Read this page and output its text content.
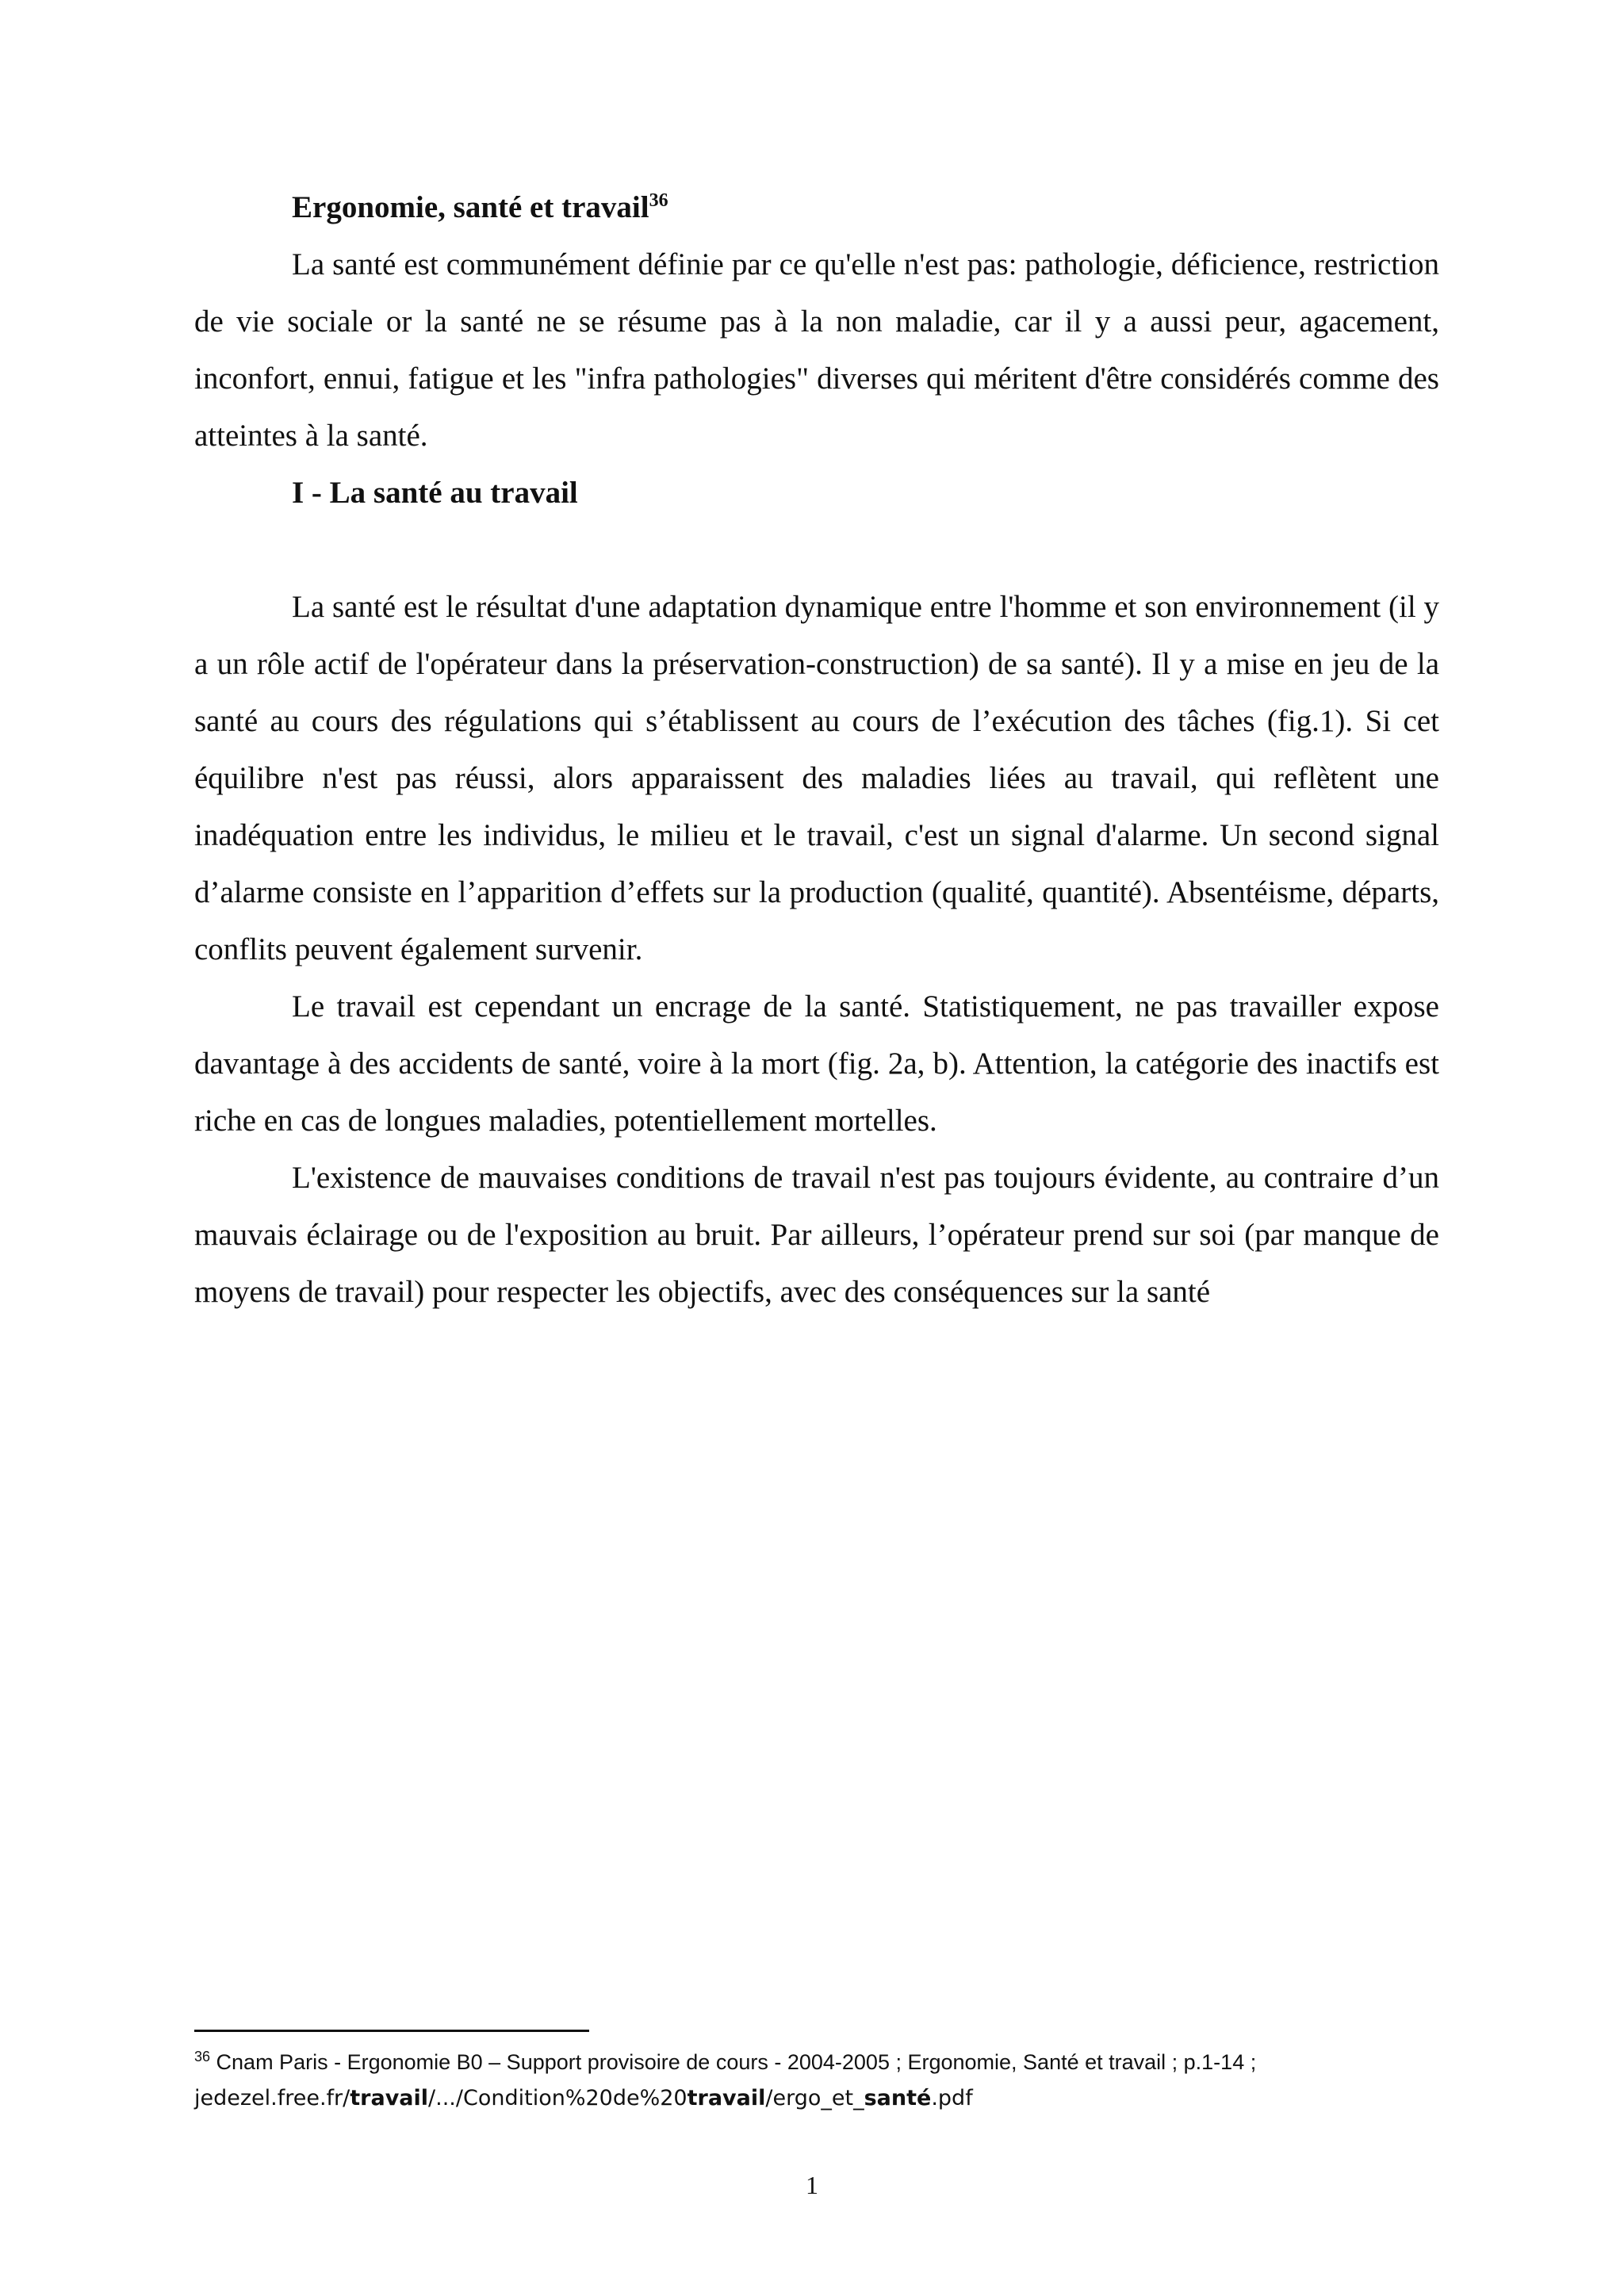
Ergonomie, santé et travail$^{36}$

La santé est communément définie par ce qu'elle n'est pas: pathologie, déficience, restriction de vie sociale or la santé ne se résume pas à la non maladie, car il y a aussi peur, agacement, inconfort, ennui, fatigue et les "infra pathologies" diverses qui méritent d'être considérés comme des atteintes à la santé.

I - La santé au travail

La santé est le résultat d'une adaptation dynamique entre l'homme et son environnement (il y a un rôle actif de l'opérateur dans la préservation-construction) de sa santé). Il y a mise en jeu de la santé au cours des régulations qui s’établissent au cours de l’exécution des tâches (fig.1). Si cet équilibre n'est pas réussi, alors apparaissent des maladies liées au travail, qui reflètent une inadéquation entre les individus, le milieu et le travail, c'est un signal d'alarme. Un second signal d’alarme consiste en l’apparition d’effets sur la production (qualité, quantité). Absentéisme, départs, conflits peuvent également survenir.

Le travail est cependant un encrage de la santé. Statistiquement, ne pas travailler expose davantage à des accidents de santé, voire à la mort (fig. 2a, b). Attention, la catégorie des inactifs est riche en cas de longues maladies, potentiellement mortelles.

L'existence de mauvaises conditions de travail n'est pas toujours évidente, au contraire d’un mauvais éclairage ou de l'exposition au bruit. Par ailleurs, l’opérateur prend sur soi (par manque de moyens de travail) pour respecter les objectifs, avec des conséquences sur la santé

$^{36}$ Cnam Paris - Ergonomie B0 – Support provisoire de cours - 2004-2005 ; Ergonomie, Santé et travail ; p.1-14 ;
jedezel.free.fr/travail/.../Condition%20de%20travail/ergo_et_santé.pdf
1
